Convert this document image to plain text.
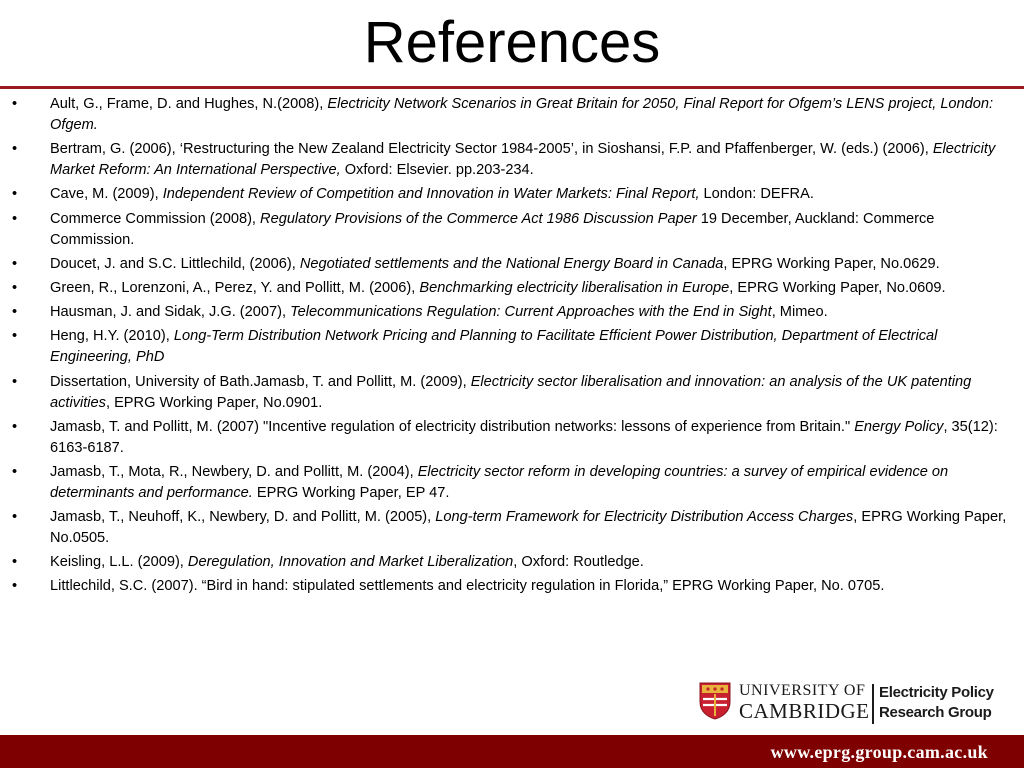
References
• Ault, G., Frame, D. and Hughes, N.(2008), Electricity Network Scenarios in Great Britain for 2050, Final Report for Ofgem’s LENS project, London: Ofgem.
• Bertram, G. (2006), ‘Restructuring the New Zealand Electricity Sector 1984-2005’, in Sioshansi, F.P. and Pfaffenberger, W. (eds.) (2006), Electricity Market Reform: An International Perspective, Oxford: Elsevier. pp.203-234.
• Cave, M. (2009), Independent Review of Competition and Innovation in Water Markets: Final Report, London: DEFRA.
• Commerce Commission (2008), Regulatory Provisions of the Commerce Act 1986 Discussion Paper 19 December, Auckland: Commerce Commission.
• Doucet, J. and S.C. Littlechild, (2006), Negotiated settlements and the National Energy Board in Canada, EPRG Working Paper, No.0629.
• Green, R., Lorenzoni, A., Perez, Y. and Pollitt, M. (2006), Benchmarking electricity liberalisation in Europe, EPRG Working Paper, No.0609.
• Hausman, J. and Sidak, J.G. (2007), Telecommunications Regulation: Current Approaches with the End in Sight, Mimeo.
• Heng, H.Y. (2010), Long-Term Distribution Network Pricing and Planning to Facilitate Efficient Power Distribution, Department of Electrical Engineering, PhD
• Dissertation, University of Bath.Jamasb, T. and Pollitt, M. (2009), Electricity sector liberalisation and innovation: an analysis of the UK patenting activities, EPRG Working Paper, No.0901.
• Jamasb, T. and Pollitt, M. (2007) "Incentive regulation of electricity distribution networks: lessons of experience from Britain." Energy Policy, 35(12): 6163-6187.
• Jamasb, T., Mota, R., Newbery, D. and Pollitt, M. (2004), Electricity sector reform in developing countries: a survey of empirical evidence on determinants and performance. EPRG Working Paper, EP 47.
• Jamasb, T., Neuhoff, K., Newbery, D. and Pollitt, M. (2005), Long-term Framework for Electricity Distribution Access Charges, EPRG Working Paper, No.0505.
• Keisling, L.L. (2009), Deregulation, Innovation and Market Liberalization, Oxford: Routledge.
• Littlechild, S.C. (2007). “Bird in hand: stipulated settlements and electricity regulation in Florida,” EPRG Working Paper, No. 0705.
UNIVERSITY OF
CAMBRIDGE
Electricity Policy
Research Group
www.eprg.group.cam.ac.uk
